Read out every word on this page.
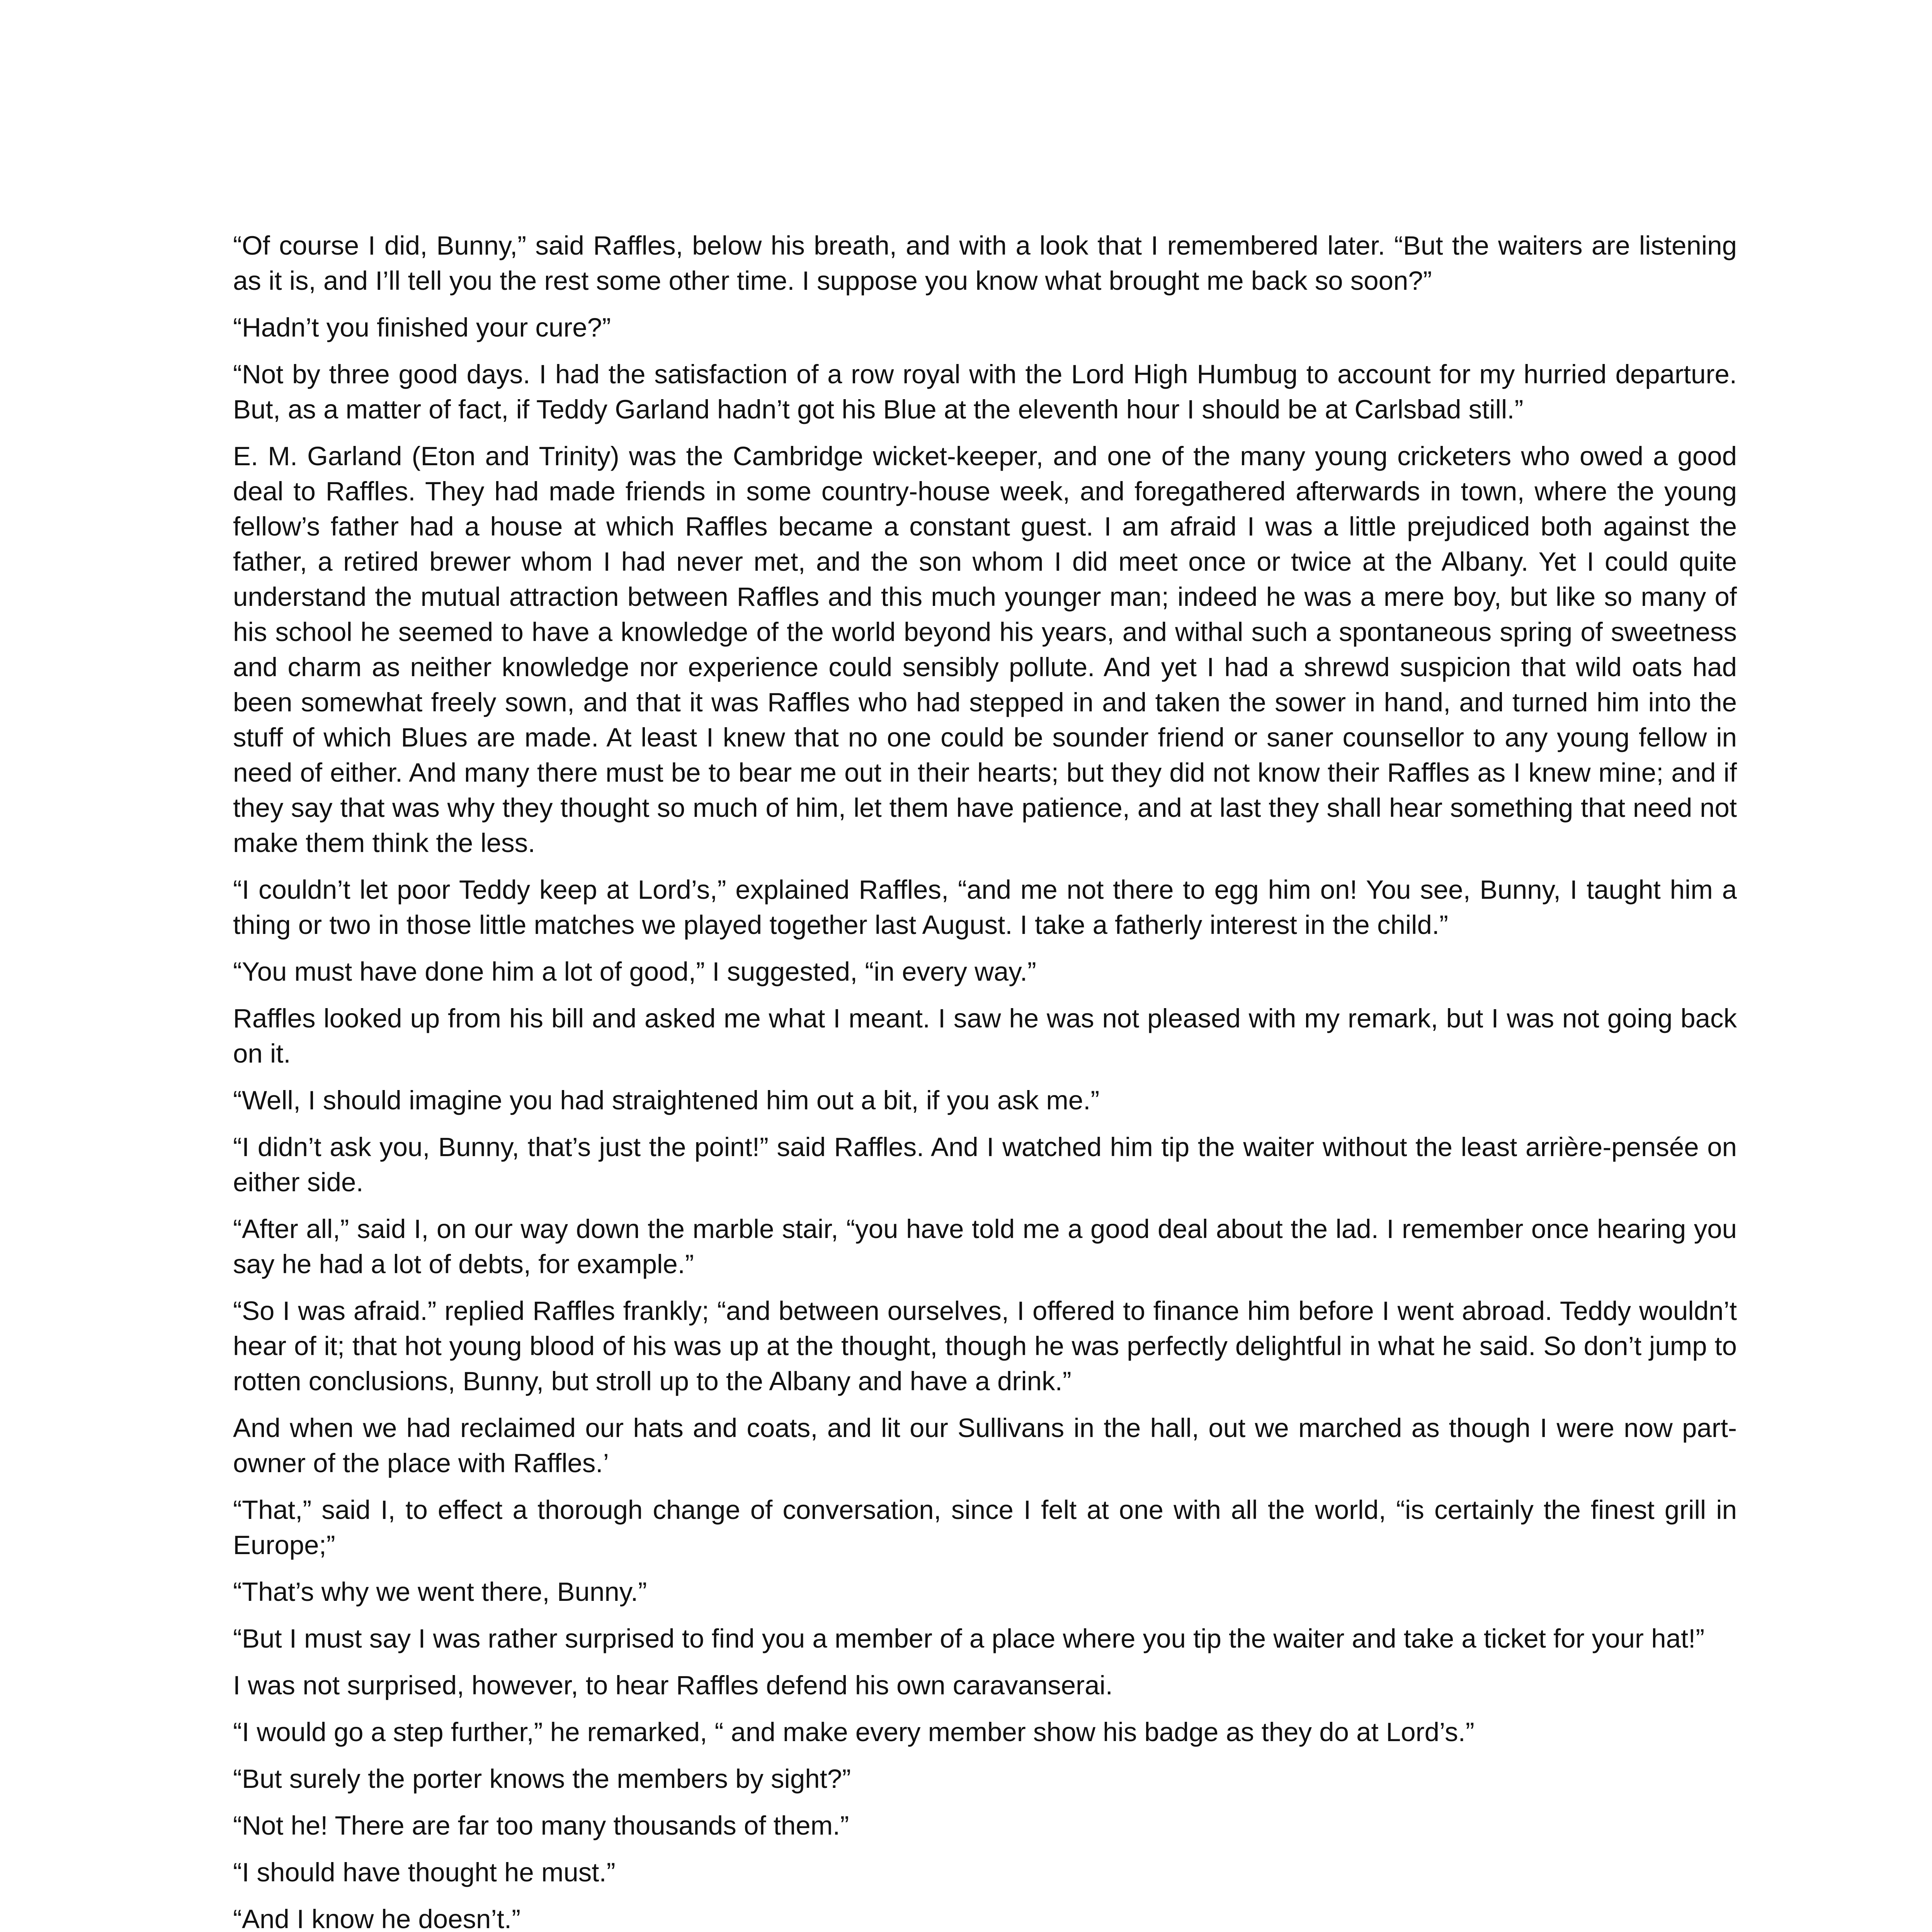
“Of course I did, Bunny,” said Raffles, below his breath, and with a look that I remembered later. “But the waiters are listening as it is, and I’ll tell you the rest some other time. I suppose you know what brought me back so soon?”

“Hadn’t you finished your cure?”

“Not by three good days. I had the satisfaction of a row royal with the Lord High Humbug to account for my hurried departure. But, as a matter of fact, if Teddy Garland hadn’t got his Blue at the eleventh hour I should be at Carlsbad still.”

E. M. Garland (Eton and Trinity) was the Cambridge wicket-keeper, and one of the many young cricketers who owed a good deal to Raffles. They had made friends in some country-house week, and foregathered afterwards in town, where the young fellow’s father had a house at which Raffles became a constant guest. I am afraid I was a little prejudiced both against the father, a retired brewer whom I had never met, and the son whom I did meet once or twice at the Albany. Yet I could quite understand the mutual attraction between Raffles and this much younger man; indeed he was a mere boy, but like so many of his school he seemed to have a knowledge of the world beyond his years, and withal such a spontaneous spring of sweetness and charm as neither knowledge nor experience could sensibly pollute. And yet I had a shrewd suspicion that wild oats had been somewhat freely sown, and that it was Raffles who had stepped in and taken the sower in hand, and turned him into the stuff of which Blues are made. At least I knew that no one could be sounder friend or saner counsellor to any young fellow in need of either. And many there must be to bear me out in their hearts; but they did not know their Raffles as I knew mine; and if they say that was why they thought so much of him, let them have patience, and at last they shall hear something that need not make them think the less.

“I couldn’t let poor Teddy keep at Lord’s,” explained Raffles, “and me not there to egg him on! You see, Bunny, I taught him a thing or two in those little matches we played together last August. I take a fatherly interest in the child.”

“You must have done him a lot of good,” I suggested, “in every way.”

Raffles looked up from his bill and asked me what I meant. I saw he was not pleased with my remark, but I was not going back on it.

“Well, I should imagine you had straightened him out a bit, if you ask me.”

“I didn’t ask you, Bunny, that’s just the point!” said Raffles. And I watched him tip the waiter without the least arrière-pensée on either side.

“After all,” said I, on our way down the marble stair, “you have told me a good deal about the lad. I remember once hearing you say he had a lot of debts, for example.”

“So I was afraid.” replied Raffles frankly; “and between ourselves, I offered to finance him before I went abroad. Teddy wouldn’t hear of it; that hot young blood of his was up at the thought, though he was perfectly delightful in what he said. So don’t jump to rotten conclusions, Bunny, but stroll up to the Albany and have a drink.”

And when we had reclaimed our hats and coats, and lit our Sullivans in the hall, out we marched as though I were now part-owner of the place with Raffles.’

“That,” said I, to effect a thorough change of conversation, since I felt at one with all the world, “is certainly the finest grill in Europe;”

“That’s why we went there, Bunny.”

“But I must say I was rather surprised to find you a member of a place where you tip the waiter and take a ticket for your hat!”

I was not surprised, however, to hear Raffles defend his own caravanserai.

“I would go a step further,” he remarked, “ and make every member show his badge as they do at Lord’s.”

“But surely the porter knows the members by sight?”

“Not he! There are far too many thousands of them.”

“I should have thought he must.”

“And I know he doesn’t.”
